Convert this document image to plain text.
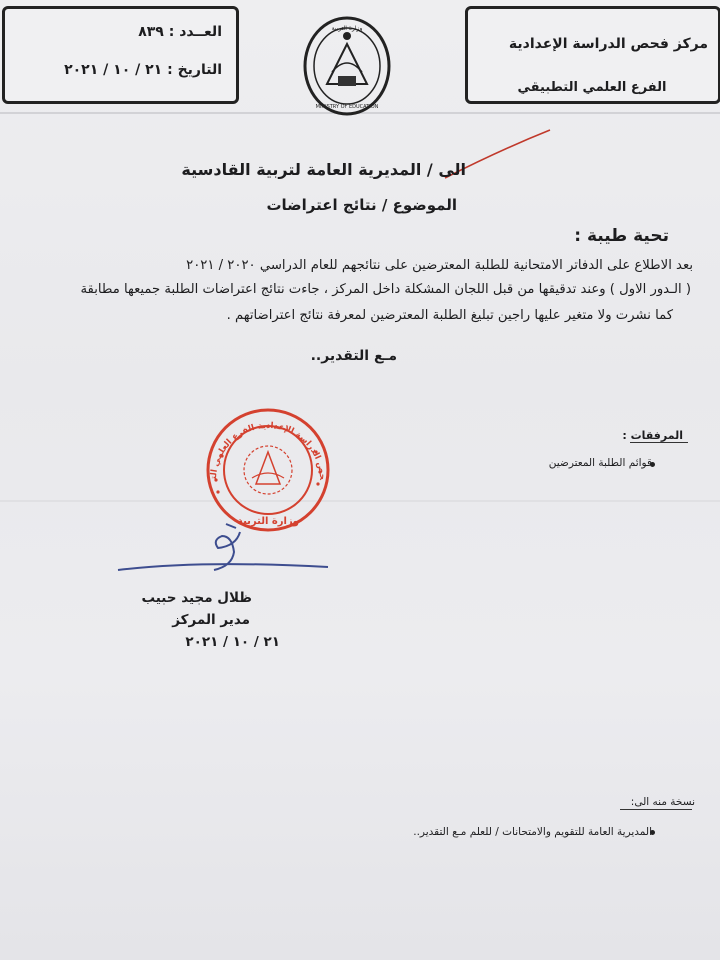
مركز فحص الدراسة الإعدادية
الفرع العلمي التطبيقي
العــدد : ٨٣٩
التاريخ : ٢١ / ١٠ / ٢٠٢١
وزارة التربية
MINISTRY OF EDUCATION
الى / المديرية العامة لتربية القادسية
الموضوع / نتائج اعتراضات
تحية طيبة :
بعد الاطلاع على الدفاتر الامتحانية للطلبة المعترضين على نتائجهم للعام الدراسي ٢٠٢٠ / ٢٠٢١
( الـدور الاول ) وعند تدقيقها من قبل اللجان المشكلة داخل المركز ، جاءت نتائج اعتراضات الطلبة جميعها مطابقة
كما نشرت ولا متغير عليها راجين تبليغ الطلبة المعترضين لمعرفة نتائج اعتراضاتهم .
مـع التقدير..
المرفقات :
قوائم الطلبة المعترضين
مركز فحص الدراسة الإعدادية الفرع العلمي التطبيقي
وزارة التربية
ظلال مجيد حبيب
مدير المركز
٢١ / ١٠ / ٢٠٢١
نسخة منه الى:
المديرية العامة للتقويم والامتحانات / للعلم مـع التقدير..
